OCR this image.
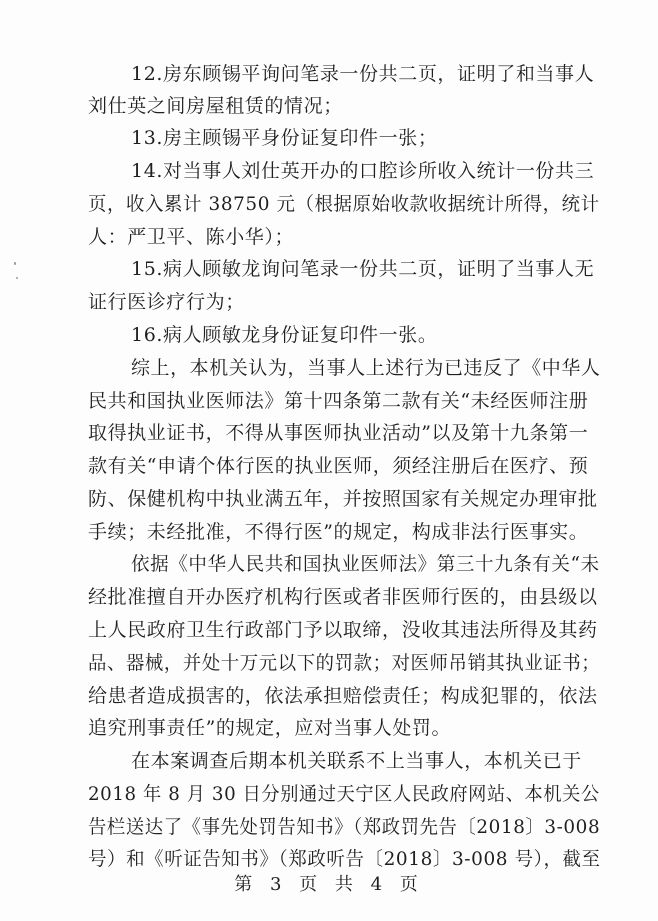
12.房东顾锡平询问笔录一份共二页，证明了和当事人
刘仕英之间房屋租赁的情况；
13.房主顾锡平身份证复印件一张；
14.对当事人刘仕英开办的口腔诊所收入统计一份共三
页，收入累计 38750 元（根据原始收款收据统计所得，统计
人：严卫平、陈小华）；
15.病人顾敏龙询问笔录一份共二页，证明了当事人无
证行医诊疗行为；
16.病人顾敏龙身份证复印件一张。
综上，本机关认为，当事人上述行为已违反了《中华人
民共和国执业医师法》第十四条第二款有关“未经医师注册
取得执业证书，不得从事医师执业活动”以及第十九条第一
款有关“申请个体行医的执业医师，须经注册后在医疗、预
防、保健机构中执业满五年，并按照国家有关规定办理审批
手续；未经批准，不得行医”的规定，构成非法行医事实。
依据《中华人民共和国执业医师法》第三十九条有关“未
经批准擅自开办医疗机构行医或者非医师行医的，由县级以
上人民政府卫生行政部门予以取缔，没收其违法所得及其药
品、器械，并处十万元以下的罚款；对医师吊销其执业证书；
给患者造成损害的，依法承担赔偿责任；构成犯罪的，依法
追究刑事责任”的规定，应对当事人处罚。
在本案调查后期本机关联系不上当事人，本机关已于
2018 年 8 月 30 日分别通过天宁区人民政府网站、本机关公
告栏送达了《事先处罚告知书》（郑政罚先告〔2018〕3-008
号）和《听证告知书》（郑政听告〔2018〕3-008 号），截至
第 3 页 共 4 页
